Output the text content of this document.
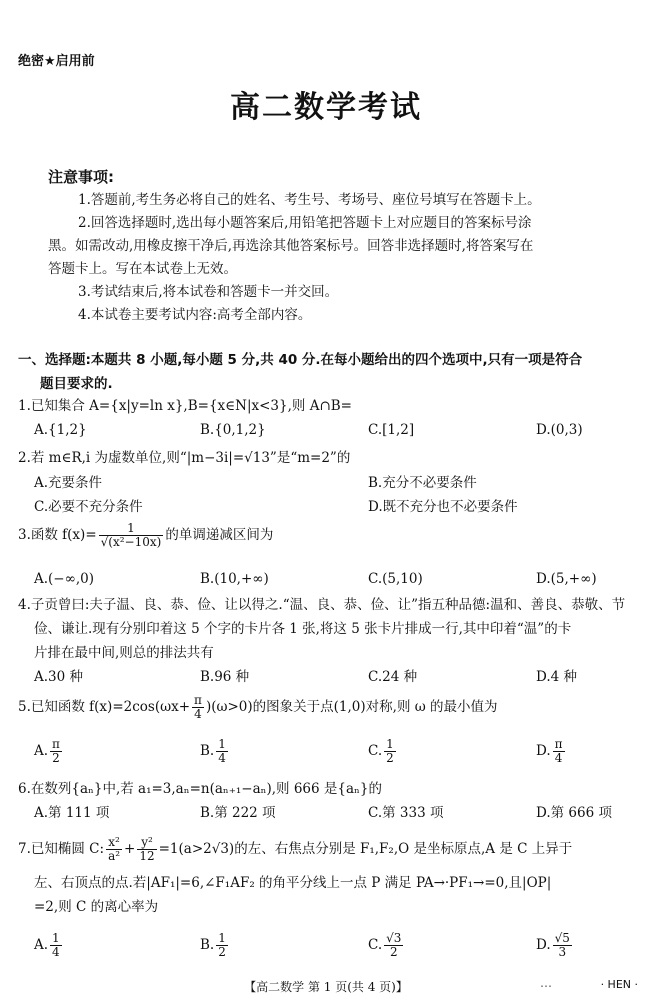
绝密★启用前
高二数学考试
注意事项:
1.答题前,考生务必将自己的姓名、考生号、考场号、座位号填写在答题卡上。
2.回答选择题时,选出每小题答案后,用铅笔把答题卡上对应题目的答案标号涂
黑。如需改动,用橡皮擦干净后,再选涂其他答案标号。回答非选择题时,将答案写在
答题卡上。写在本试卷上无效。
3.考试结束后,将本试卷和答题卡一并交回。
4.本试卷主要考试内容:高考全部内容。
一、选择题:本题共 8 小题,每小题 5 分,共 40 分.在每小题给出的四个选项中,只有一项是符合
题目要求的.
1.已知集合 A={x|y=ln x},B={x∈N|x<3},则 A∩B=
A.{1,2}	B.{0,1,2}	C.[1,2]	D.(0,3)
2.若 m∈R,i 为虚数单位,则“|m−3i|=√13”是“m=2”的
A.充要条件	B.充分不必要条件
C.必要不充分条件	D.既不充分也不必要条件
3.函数 $f(x)= \frac{1}{\text{√(x²−10x)}}$ 的单调递减区间为
A.(−∞,0)	B.(10,+∞)	C.(5,10)	D.(5,+∞)
4.子贡曾曰:夫子温、良、恭、俭、让以得之.“温、良、恭、俭、让”指五种品德:温和、善良、恭敬、节
俭、谦让.现有分别印着这 5 个字的卡片各 1 张,将这 5 张卡片排成一行,其中印着“温”的卡
片排在最中间,则总的排法共有
A.30 种	B.96 种	C.24 种	D.4 种
5.已知函数 $f(x)=2\cos(\omega x+ \frac{\pi}{4} )(\omega>0)$的图象关于点(1,0)对称,则 ω 的最小值为
A. $\frac{\pi}{2}$	B. $\frac{1}{4}$	C. $\frac{1}{2}$	D. $\frac{\pi}{4}$
6.在数列{aₙ}中,若 a₁=3,aₙ=n(aₙ₊₁−aₙ),则 666 是{aₙ}的
A.第 111 项	B.第 222 项	C.第 333 项	D.第 666 项
7.已知椭圆 C: $\frac{\text{x²}}{\text{a²}} + \frac{\text{y²}}{12} =1(a>2√3)$的左、右焦点分别是 F₁,F₂,O 是坐标原点,A 是 C 上异于
左、右顶点的点.若|AF₁|=6,∠F₁AF₂ 的角平分线上一点 P 满足 PA→·PF₁→=0,且|OP|
=2,则 C 的离心率为
A. $\frac{1}{4}$	B. $\frac{1}{2}$	C. $\frac{√3}{2}$	D. $\frac{√5}{3}$
【高二数学 第 1 页(共 4 页)】	…	· HEN ·
